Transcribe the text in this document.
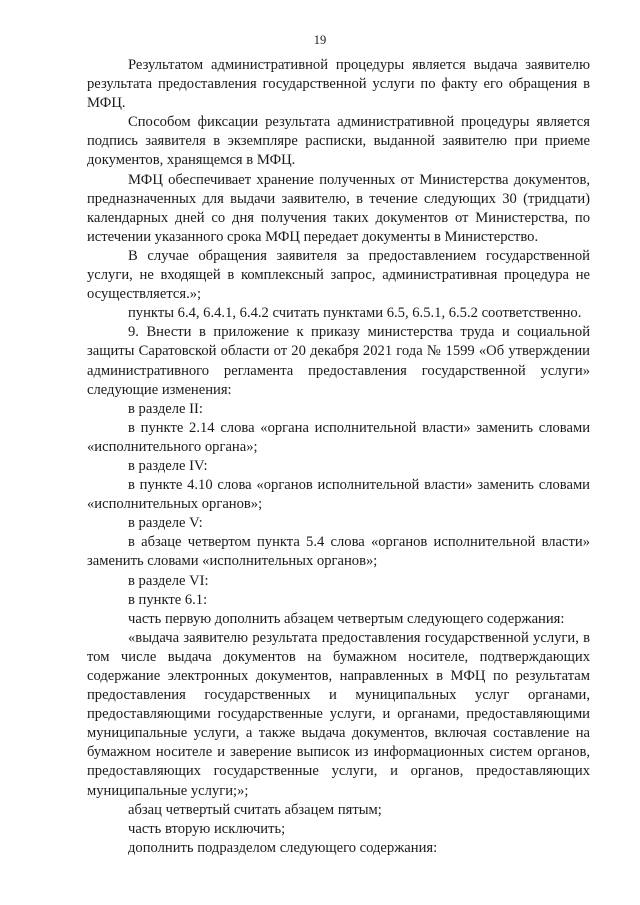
19

Результатом административной процедуры является выдача заявителю результата предоставления государственной услуги по факту его обращения в МФЦ.

Способом фиксации результата административной процедуры является подпись заявителя в экземпляре расписки, выданной заявителю при приеме документов, хранящемся в МФЦ.

МФЦ обеспечивает хранение полученных от Министерства документов, предназначенных для выдачи заявителю, в течение следующих 30 (тридцати) календарных дней со дня получения таких документов от Министерства, по истечении указанного срока МФЦ передает документы в Министерство.

В случае обращения заявителя за предоставлением государственной услуги, не входящей в комплексный запрос, административная процедура не осуществляется.»;

пункты 6.4, 6.4.1, 6.4.2 считать пунктами 6.5, 6.5.1, 6.5.2 соответственно.

9. Внести в приложение к приказу министерства труда и социальной защиты Саратовской области от 20 декабря 2021 года № 1599 «Об утверждении административного регламента предоставления государственной услуги» следующие изменения:

в разделе II:

в пункте 2.14 слова «органа исполнительной власти» заменить словами «исполнительного органа»;

в разделе IV:

в пункте 4.10 слова «органов исполнительной власти» заменить словами «исполнительных органов»;

в разделе V:

в абзаце четвертом пункта 5.4 слова «органов исполнительной власти» заменить словами «исполнительных органов»;

в разделе VI:

в пункте 6.1:

часть первую дополнить абзацем четвертым следующего содержания:

«выдача заявителю результата предоставления государственной услуги, в том числе выдача документов на бумажном носителе, подтверждающих содержание электронных документов, направленных в МФЦ по результатам предоставления государственных и муниципальных услуг органами, предоставляющими государственные услуги, и органами, предоставляющими муниципальные услуги, а также выдача документов, включая составление на бумажном носителе и заверение выписок из информационных систем органов, предоставляющих государственные услуги, и органов, предоставляющих муниципальные услуги;»;

абзац четвертый считать абзацем пятым;

часть вторую исключить;

дополнить подразделом следующего содержания:
